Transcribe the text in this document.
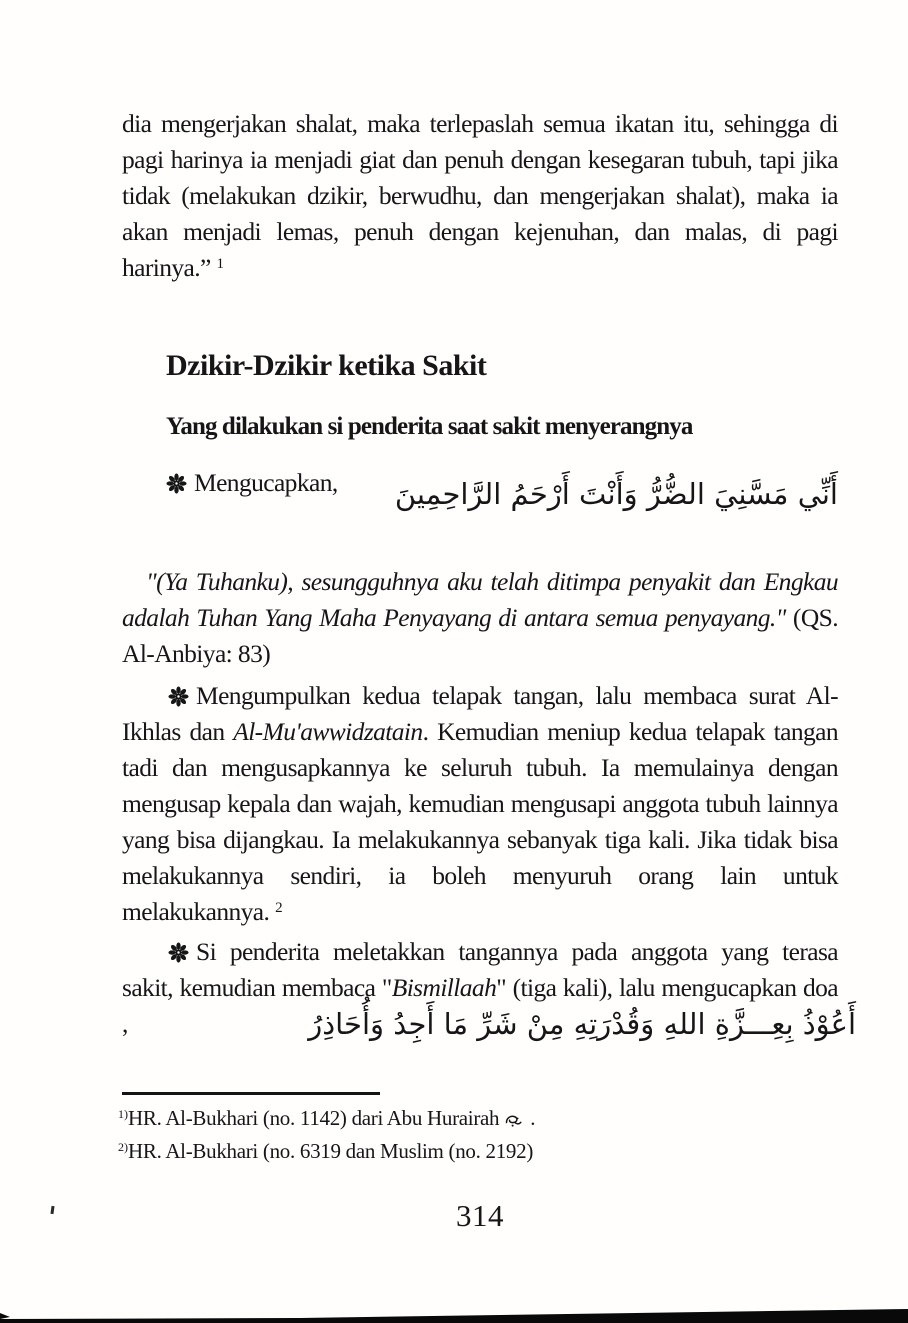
dia mengerjakan shalat, maka terlepaslah semua ikatan itu, sehingga di pagi harinya ia menjadi giat dan penuh dengan kesegaran tubuh, tapi jika tidak (melakukan dzikir, berwudhu, dan mengerjakan shalat), maka ia akan menjadi lemas, penuh dengan kejenuhan, dan malas, di pagi harinya.” $^1$

Dzikir-Dzikir ketika Sakit
Yang dilakukan si penderita saat sakit menyerangnya

Mengucapkan,	أَنِّي مَسَّنِيَ الضُّرُّ وَأَنْتَ أَرْحَمُ الرَّاحِمِينَ

"(Ya Tuhanku), sesungguhnya aku telah ditimpa penyakit dan Engkau adalah Tuhan Yang Maha Penyayang di antara semua penyayang." (QS. Al-Anbiya: 83)

Mengumpulkan kedua telapak tangan, lalu membaca surat Al-Ikhlas dan Al-Mu'awwidzatain. Kemudian meniup kedua telapak tangan tadi dan mengusapkannya ke seluruh tubuh. Ia memulainya dengan mengusap kepala dan wajah, kemudian mengusapi anggota tubuh lainnya yang bisa dijangkau. Ia melakukannya sebanyak tiga kali. Jika tidak bisa melakukannya sendiri, ia boleh menyuruh orang lain untuk melakukannya. $^2$

Si penderita meletakkan tangannya pada anggota yang terasa sakit, kemudian membaca "Bismillaah" (tiga kali), lalu mengucapkan doa ,	أَعُوْذُ بِعِـــزَّةِ اللهِ وَقُدْرَتِهِ مِنْ شَرِّ مَا أَجِدُ وَأُحَاذِرُ
$^{1)}$HR. Al-Bukhari (no. 1142) dari Abu Hurairah .
$^{2)}$HR. Al-Bukhari (no. 6319 dan Muslim (no. 2192)
314
